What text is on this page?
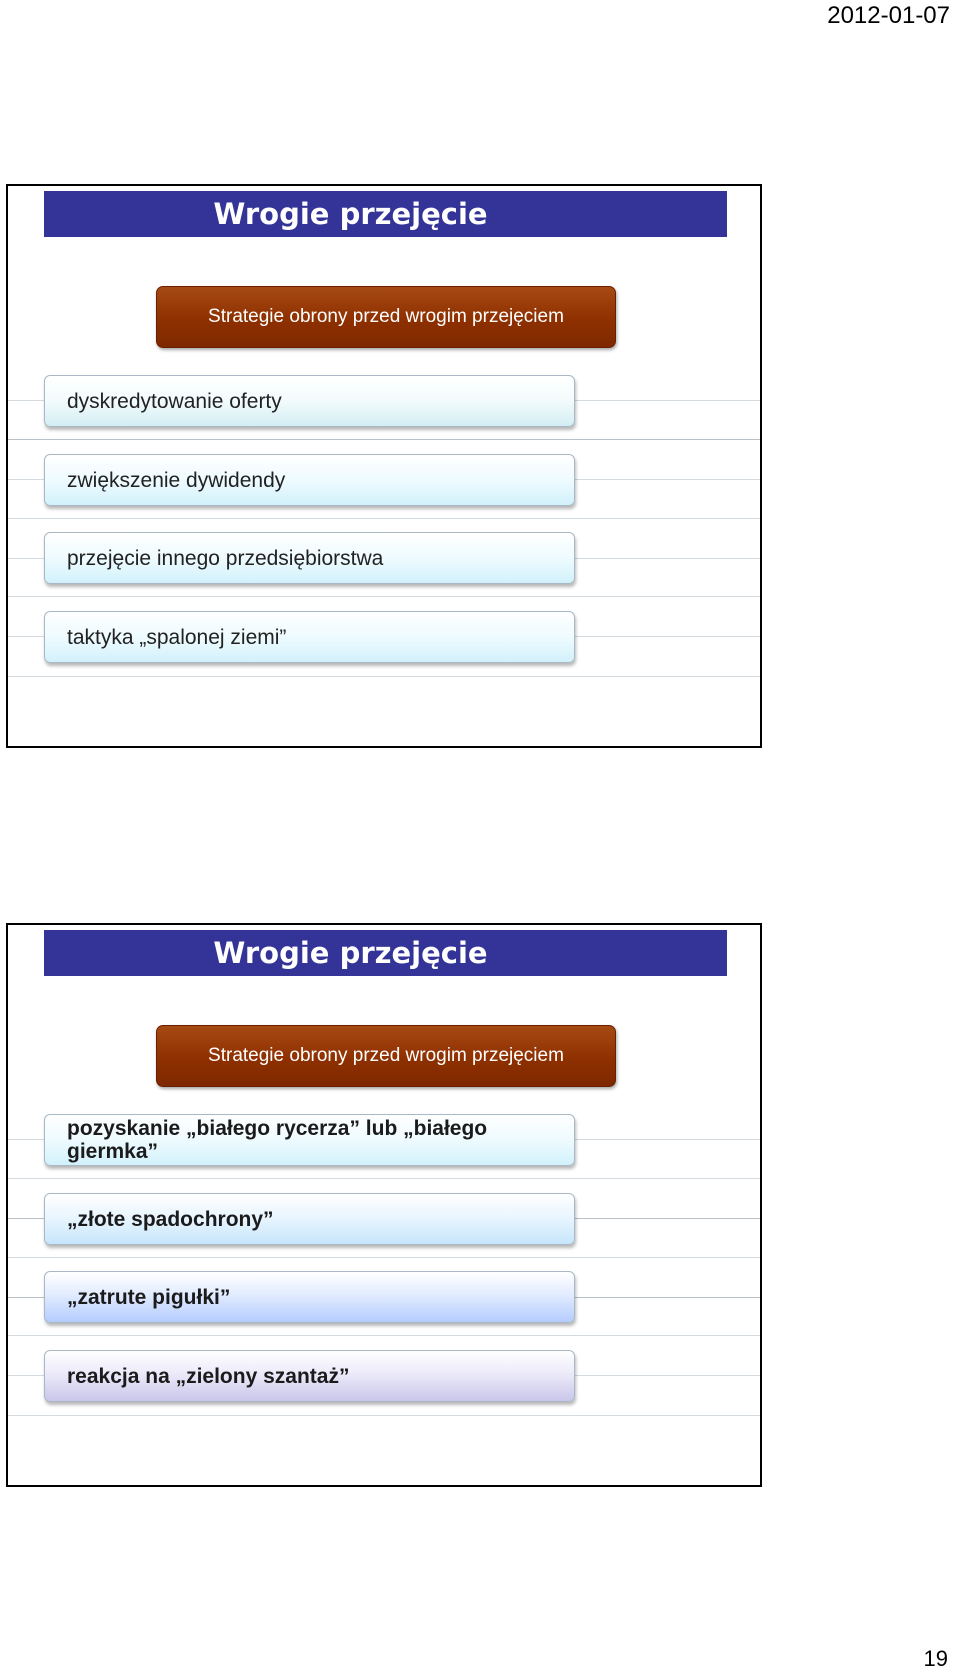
2012-01-07
Wrogie przejęcie
Strategie obrony przed wrogim przejęciem
dyskredytowanie oferty
zwiększenie dywidendy
przejęcie innego przedsiębiorstwa
taktyka „spalonej ziemi”
Wrogie przejęcie
Strategie obrony przed wrogim przejęciem
pozyskanie „białego rycerza” lub „białego giermka”
„złote spadochrony”
„zatrute pigułki”
reakcja na „zielony szantaż”
19
